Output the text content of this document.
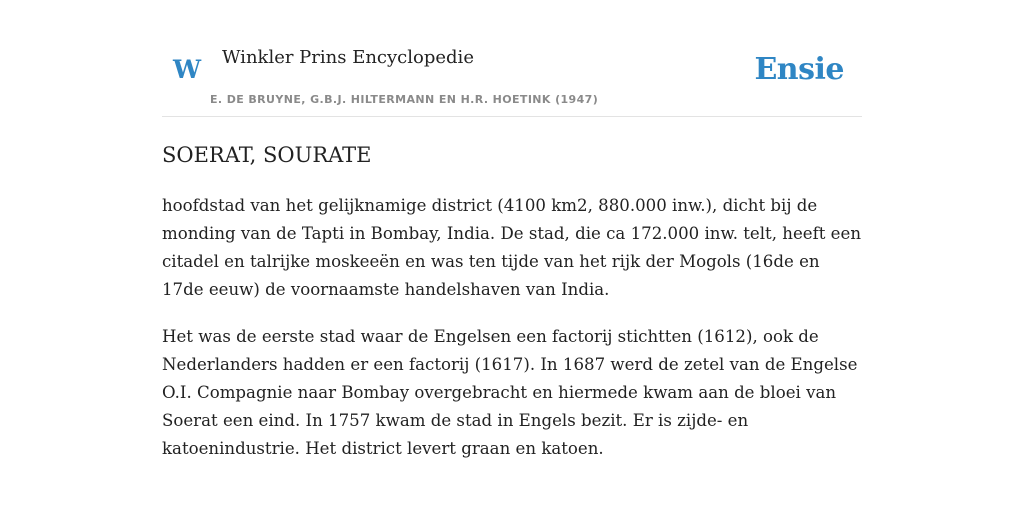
W Winkler Prins Encyclopedie
E. DE BRUYNE, G.B.J. HILTERMANN EN H.R. HOETINK (1947)
Ensie
SOERAT, SOURATE

hoofdstad van het gelijknamige district (4100 km2, 880.000 inw.), dicht bij de monding van de Tapti in Bombay, India. De stad, die ca 172.000 inw. telt, heeft een citadel en talrijke moskeeën en was ten tijde van het rijk der Mogols (16de en 17de eeuw) de voornaamste handelshaven van India.

Het was de eerste stad waar de Engelsen een factorij stichtten (1612), ook de Nederlanders hadden er een factorij (1617). In 1687 werd de zetel van de Engelse O.I. Compagnie naar Bombay overgebracht en hiermede kwam aan de bloei van Soerat een eind. In 1757 kwam de stad in Engels bezit. Er is zijde- en katoenindustrie. Het district levert graan en katoen.
